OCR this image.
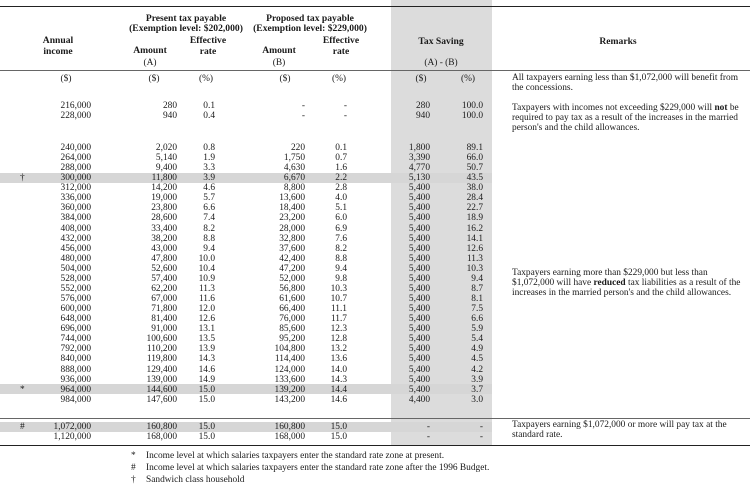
Annual
income
Present tax payable
(Exemption level: $202,000)
Amount
Effective
rate
(A)
Proposed tax payable
(Exemption level: $229,000)
Amount
Effective
rate
(B)
Tax Saving
(A) - (B)
Remarks
($)	($)	(%)	($)	(%)	($)	(%)
216,000	280	0.1	-	-	280	100.0
228,000	940	0.4	-	-	940	100.0
240,000	2,020	0.8	220	0.1	1,800	89.1
264,000	5,140	1.9	1,750	0.7	3,390	66.0
288,000	9,400	3.3	4,630	1.6	4,770	50.7
†	300,000	11,800	3.9	6,670	2.2	5,130	43.5
312,000	14,200	4.6	8,800	2.8	5,400	38.0
336,000	19,000	5.7	13,600	4.0	5,400	28.4
360,000	23,800	6.6	18,400	5.1	5,400	22.7
384,000	28,600	7.4	23,200	6.0	5,400	18.9
408,000	33,400	8.2	28,000	6.9	5,400	16.2
432,000	38,200	8.8	32,800	7.6	5,400	14.1
456,000	43,000	9.4	37,600	8.2	5,400	12.6
480,000	47,800 10.0	42,400	8.8	5,400	11.3
504,000	52,600 10.4	47,200	9.4	5,400	10.3
528,000	57,400 10.9	52,000	9.8	5,400	9.4
552,000	62,200 11.3	56,800	10.3	5,400	8.7
576,000	67,000 11.6	61,600	10.7	5,400	8.1
600,000	71,800 12.0	66,400	11.1	5,400	7.5
648,000	81,400 12.6	76,000	11.7	5,400	6.6
696,000	91,000 13.1	85,600	12.3	5,400	5.9
744,000	100,600 13.5	95,200	12.8	5,400	5.4
792,000	110,200 13.9	104,800	13.2	5,400	4.9
840,000	119,800 14.3	114,400	13.6	5,400	4.5
888,000	129,400 14.6	124,000	14.0	5,400	4.2
936,000	139,000 14.9	133,600	14.3	5,400	3.9
*	964,000	144,600 15.0	139,200	14.4	5,400	3.7
984,000	147,600 15.0	143,200	14.6	4,400	3.0
#	1,072,000	160,800 15.0	160,800	15.0	-	-
1,120,000	168,000 15.0	168,000	15.0	-	-
All taxpayers earning less than $1,072,000 will benefit from the concessions.
Taxpayers with incomes not exceeding $229,000 will not be required to pay tax as a result of the increases in the married person's and the child allowances.
Taxpayers earning more than $229,000 but less than $1,072,000 will have reduced tax liabilities as a result of the increases in the married person's and the child allowances.
Taxpayers earning $1,072,000 or more will pay tax at the standard rate.
* Income level at which salaries taxpayers enter the standard rate zone at present.
# Income level at which salaries taxpayers enter the standard rate zone after the 1996 Budget.
† Sandwich class household
